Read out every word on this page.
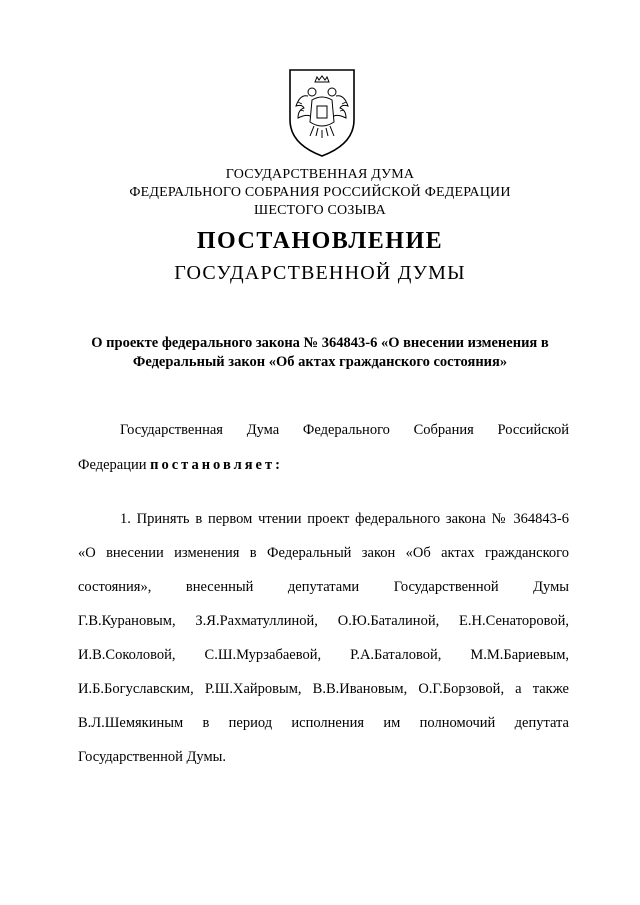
ГОСУДАРСТВЕННАЯ ДУМА
ФЕДЕРАЛЬНОГО СОБРАНИЯ РОССИЙСКОЙ ФЕДЕРАЦИИ
ШЕСТОГО СОЗЫВА
ПОСТАНОВЛЕНИЕ
ГОСУДАРСТВЕННОЙ ДУМЫ
О проекте федерального закона № 364843-6 «О внесении изменения в
Федеральный закон «Об актах гражданского состояния»
Государственная Дума Федерального Собрания Российской
Федерации постановляет:
1. Принять в первом чтении проект федерального закона № 364843-6
«О внесении изменения в Федеральный закон «Об актах гражданского
состояния», внесенный депутатами Государственной Думы
Г.В.Курановым, З.Я.Рахматуллиной, О.Ю.Баталиной, Е.Н.Сенаторовой,
И.В.Соколовой, С.Ш.Мурзабаевой, Р.А.Баталовой, М.М.Бариевым,
И.Б.Богуславским, Р.Ш.Хайровым, В.В.Ивановым, О.Г.Борзовой, а также
В.Л.Шемякиным в период исполнения им полномочий депутата
Государственной Думы.
